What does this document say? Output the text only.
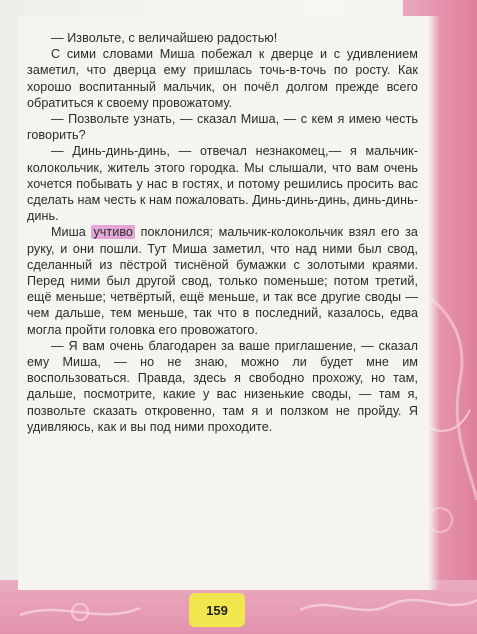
— Извольте, с величайшею радостью!

С сими словами Миша побежал к дверце и с удивлением заметил, что дверца ему пришлась точь-в-точь по росту. Как хорошо воспитанный мальчик, он почёл долгом прежде всего обратиться к своему провожатому.

— Позвольте узнать, — сказал Миша, — с кем я имею честь говорить?

— Динь-динь-динь, — отвечал незнакомец,— я мальчик-колокольчик, житель этого городка. Мы слышали, что вам очень хочется побывать у нас в гостях, и потому решились просить вас сделать нам честь к нам пожаловать. Динь-динь-динь, динь-динь-динь.

Миша учтиво поклонился; мальчик-колокольчик взял его за руку, и они пошли. Тут Миша заметил, что над ними был свод, сделанный из пёстрой тиснёной бумажки с золотыми краями. Перед ними был другой свод, только поменьше; потом третий, ещё меньше; четвёртый, ещё меньше, и так все другие своды — чем дальше, тем меньше, так что в последний, казалось, едва могла пройти головка его провожатого.

— Я вам очень благодарен за ваше приглашение, — сказал ему Миша, — но не знаю, можно ли будет мне им воспользоваться. Правда, здесь я свободно прохожу, но там, дальше, посмотрите, какие у вас низенькие своды, — там я, позвольте сказать откровенно, там я и ползком не пройду. Я удивляюсь, как и вы под ними проходите.

159
